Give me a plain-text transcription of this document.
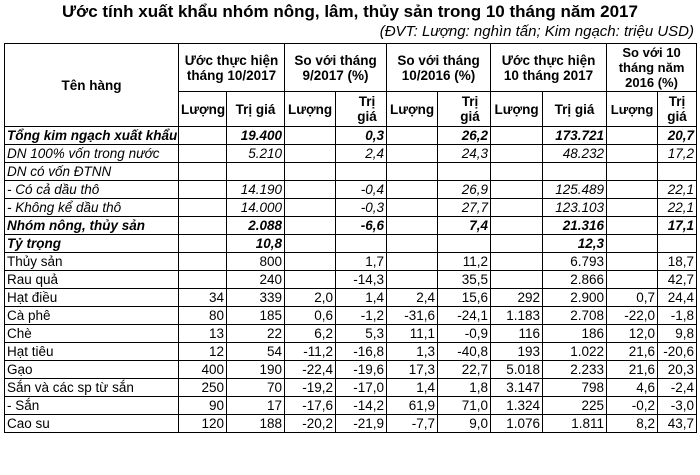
Ước tính xuất khẩu nhóm nông, lâm, thủy sản trong 10 tháng năm 2017
(ĐVT: Lượng: nghìn tấn; Kim ngạch: triệu USD)
Tên hàng	Ước thực hiện tháng 10/2017		So với tháng 9/2017 (%)		So với tháng 10/2016 (%)		Ước thực hiện 10 tháng 2017		So với 10 tháng năm 2016 (%)	
	Lượng	Trị giá	Lượng	Trị giá	Lượng	Trị giá	Lượng	Trị giá	Lượng	Trị giá
Tổng kim ngạch xuất khẩu		19.400		0,3		26,2		173.721		20,7
DN 100% vốn trong nước		5.210		2,4		24,3		48.232		17,2
DN có vốn ĐTNN										
- Có cả dầu thô		14.190		-0,4		26,9		125.489		22,1
- Không kể dầu thô		14.000		-0,3		27,7		123.103		22,1
Nhóm nông, thủy sản		2.088		-6,6		7,4		21.316		17,1
Tỷ trọng		10,8						12,3		
Thủy sản		800		1,7		11,2		6.793		18,7
Rau quả		240		-14,3		35,5		2.866		42,7
Hạt điều	34	339	2,0	1,4	2,4	15,6	292	2.900	0,7	24,4
Cà phê	80	185	0,6	-1,2	-31,6	-24,1	1.183	2.708	-22,0	-1,8
Chè	13	22	6,2	5,3	11,1	-0,9	116	186	12,0	9,8
Hạt tiêu	12	54	-11,2	-16,8	1,3	-40,8	193	1.022	21,6	-20,6
Gạo	400	190	-22,4	-19,6	17,3	22,7	5.018	2.233	21,6	20,3
Sắn và các sp từ sắn	250	70	-19,2	-17,0	1,4	1,8	3.147	798	4,6	-2,4
- Sắn	90	17	-17,6	-14,2	61,9	71,0	1.324	225	-0,2	-3,0
Cao su	120	188	-20,2	-21,9	-7,7	9,0	1.076	1.811	8,2	43,7
